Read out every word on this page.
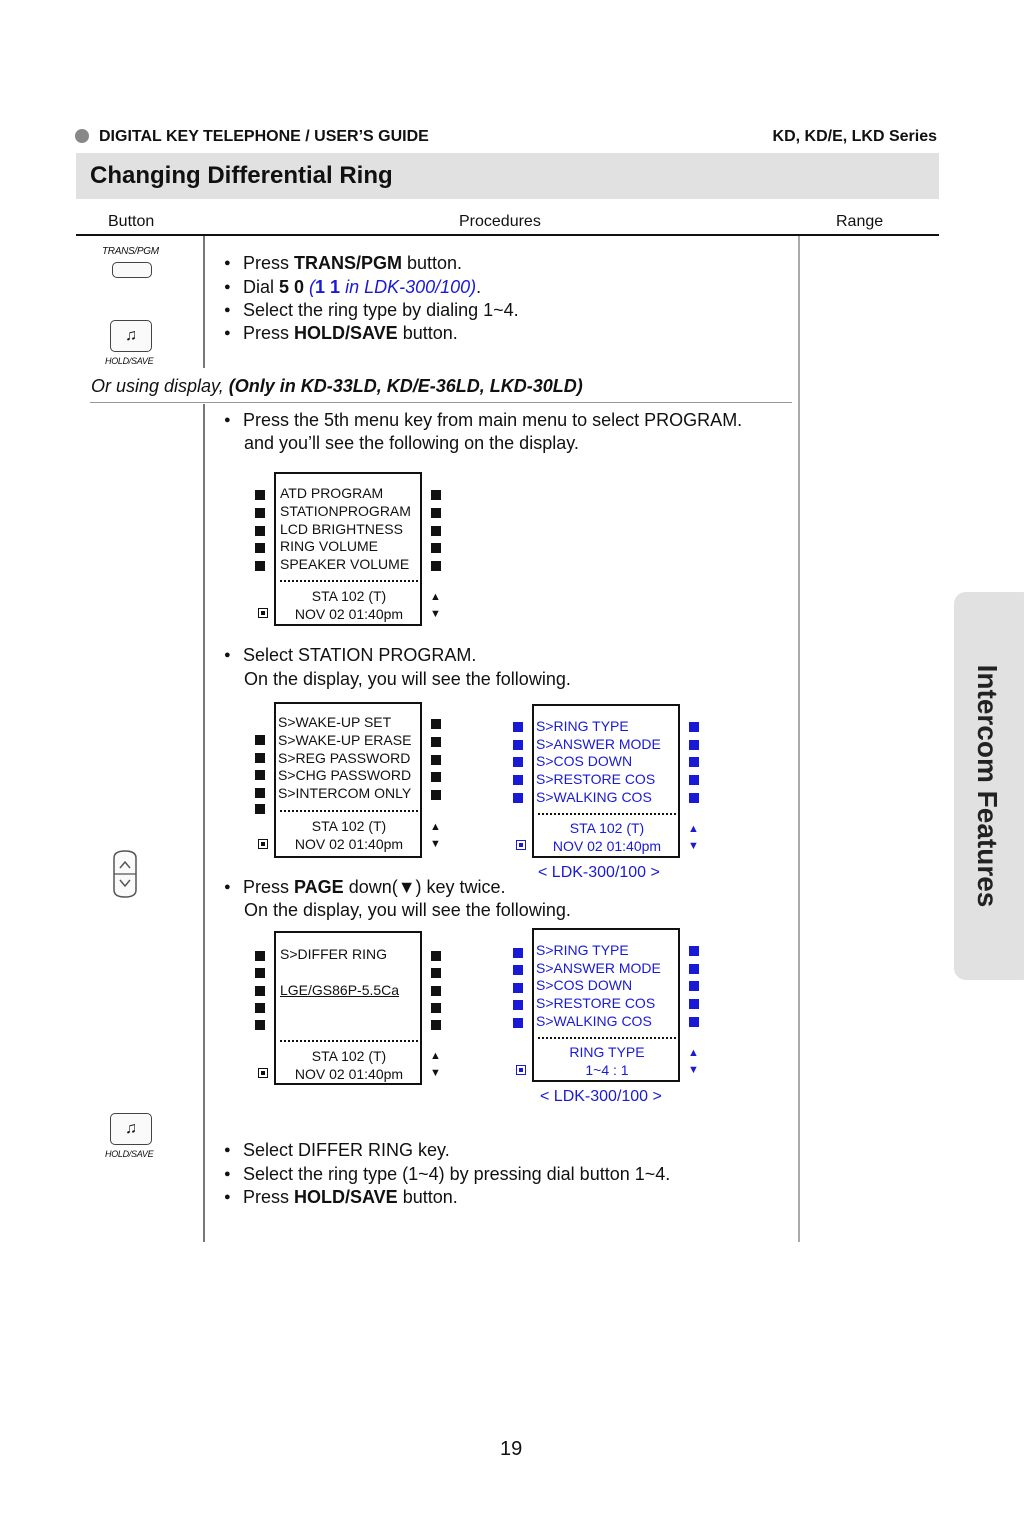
DIGITAL KEY TELEPHONE / USER’S GUIDE	KD, KD/E, LKD Series
Changing Differential Ring
Button	Procedures	Range
TRANS/PGM
♫
HOLD/SAVE
♫
HOLD/SAVE
Press TRANS/PGM button.
Dial 5 0 (1 1 in LDK-300/100).
Select the ring type by dialing 1~4.
Press HOLD/SAVE button.
Or using display, (Only in KD-33LD, KD/E-36LD, LKD-30LD)
Press the 5th menu key from main menu to select PROGRAM.
and you’ll see the following on the display.
ATD PROGRAM
STATIONPROGRAM
LCD BRIGHTNESS
RING VOLUME
SPEAKER VOLUME
STA 102 (T)
NOV 02 01:40pm
▲
▼
Select STATION PROGRAM.
On the display, you will see the following.
S>WAKE-UP SET
S>WAKE-UP ERASE
S>REG PASSWORD
S>CHG PASSWORD
S>INTERCOM ONLY
STA 102 (T)
NOV 02 01:40pm
▲
▼
S>RING TYPE
S>ANSWER MODE
S>COS DOWN
S>RESTORE COS
S>WALKING COS
STA 102 (T)
NOV 02 01:40pm
▲
▼
< LDK-300/100 >
Press PAGE down(▼) key twice.
On the display, you will see the following.
S>DIFFER RING
LGE/GS86P-5.5Ca
STA 102 (T)
NOV 02 01:40pm
▲
▼
S>RING TYPE
S>ANSWER MODE
S>COS DOWN
S>RESTORE COS
S>WALKING COS
RING TYPE
1~4 : 1
▲
▼
< LDK-300/100 >
Select DIFFER RING key.
Select the ring type (1~4) by pressing dial button 1~4.
Press HOLD/SAVE button.
Intercom Features
19
